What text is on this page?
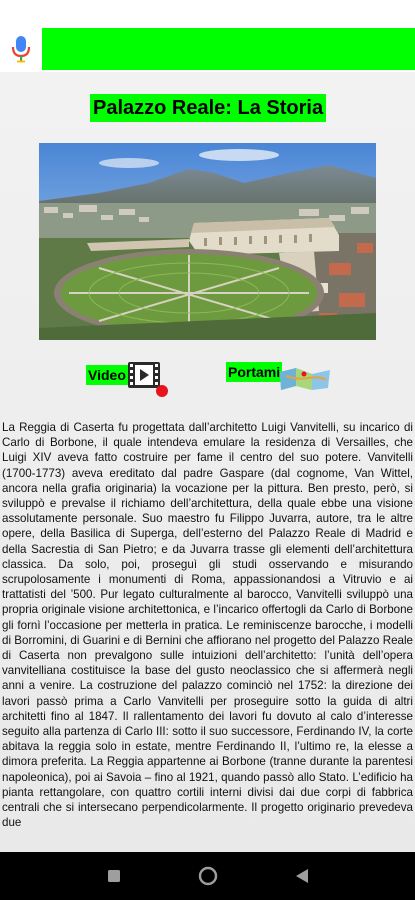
Palazzo Reale: La Storia
Video	Portami
La Reggia di Caserta fu progettata dall’architetto Luigi Vanvitelli, su incarico di Carlo di Borbone, il quale intendeva emulare la residenza di Versailles, che Luigi XIV aveva fatto costruire per fame il centro del suo potere. Vanvitelli (1700-1773) aveva ereditato dal padre Gaspare (dal cognome, Van Wittel, ancora nella grafia originaria) la vocazione per la pittura. Ben presto, però, si sviluppò e prevalse il richiamo dell’architettura, della quale ebbe una visione assolutamente personale. Suo maestro fu Filippo Juvarra, autore, tra le altre opere, della Basilica di Superga, dell’esterno del Palazzo Reale di Madrid e della Sacrestia di San Pietro; e da Juvarra trasse gli elementi dell’architettura classica. Da solo, poi, proseguì gli studi osservando e misurando scrupolosamente i monumenti di Roma, appassionandosi a Vitruvio e ai trattatisti del ’500. Pur legato culturalmente al barocco, Vanvitelli sviluppò una propria originale visione architettonica, e l’incarico offertogli da Carlo di Borbone gli fornì l’occasione per metterla in pratica. Le reminiscenze barocche, i modelli di Borromini, di Guarini e di Bernini che affiorano nel progetto del Palazzo Reale di Caserta non prevalgono sulle intuizioni dell’architetto: l’unità dell’opera vanvitelliana costituisce la base del gusto neoclassico che si affermerà negli anni a venire. La costruzione del palazzo cominciò nel 1752: la direzione dei lavori passò prima a Carlo Vanvitelli per proseguire sotto la guida di altri architetti fino al 1847. Il rallentamento dei lavori fu dovuto al calo d’interesse seguito alla partenza di Carlo III: sotto il suo successore, Ferdinando IV, la corte abitava la reggia solo in estate, mentre Ferdinando II, l’ultimo re, la elesse a dimora preferita. La Reggia appartenne ai Borbone (tranne durante la parentesi napoleonica), poi ai Savoia – fino al 1921, quando passò allo Stato. L’edificio ha pianta rettangolare, con quattro cortili interni divisi dai due corpi di fabbrica centrali che si intersecano perpendicolarmente. Il progetto originario prevedeva due
